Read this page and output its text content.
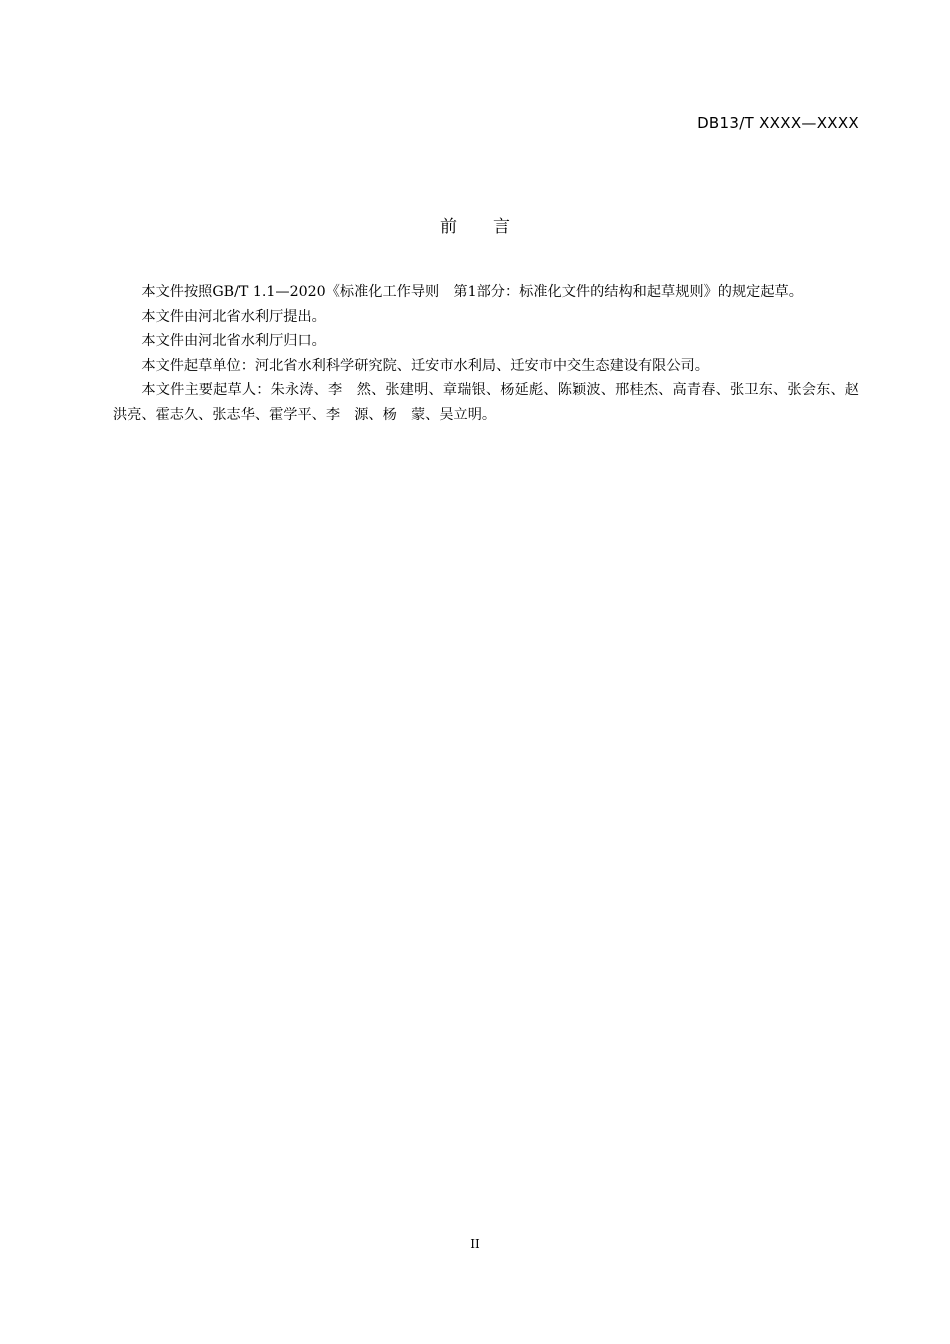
DB13/T XXXX—XXXX
前 言

本文件按照GB/T 1.1—2020《标准化工作导则　第1部分：标准化文件的结构和起草规则》的规定起草。

本文件由河北省水利厅提出。

本文件由河北省水利厅归口。

本文件起草单位：河北省水利科学研究院、迁安市水利局、迁安市中交生态建设有限公司。

本文件主要起草人：朱永涛、李　然、张建明、章瑞银、杨延彪、陈颖波、邢桂杰、高青春、张卫东、张会东、赵洪亮、霍志久、张志华、霍学平、李　源、杨　蒙、吴立明。

II
